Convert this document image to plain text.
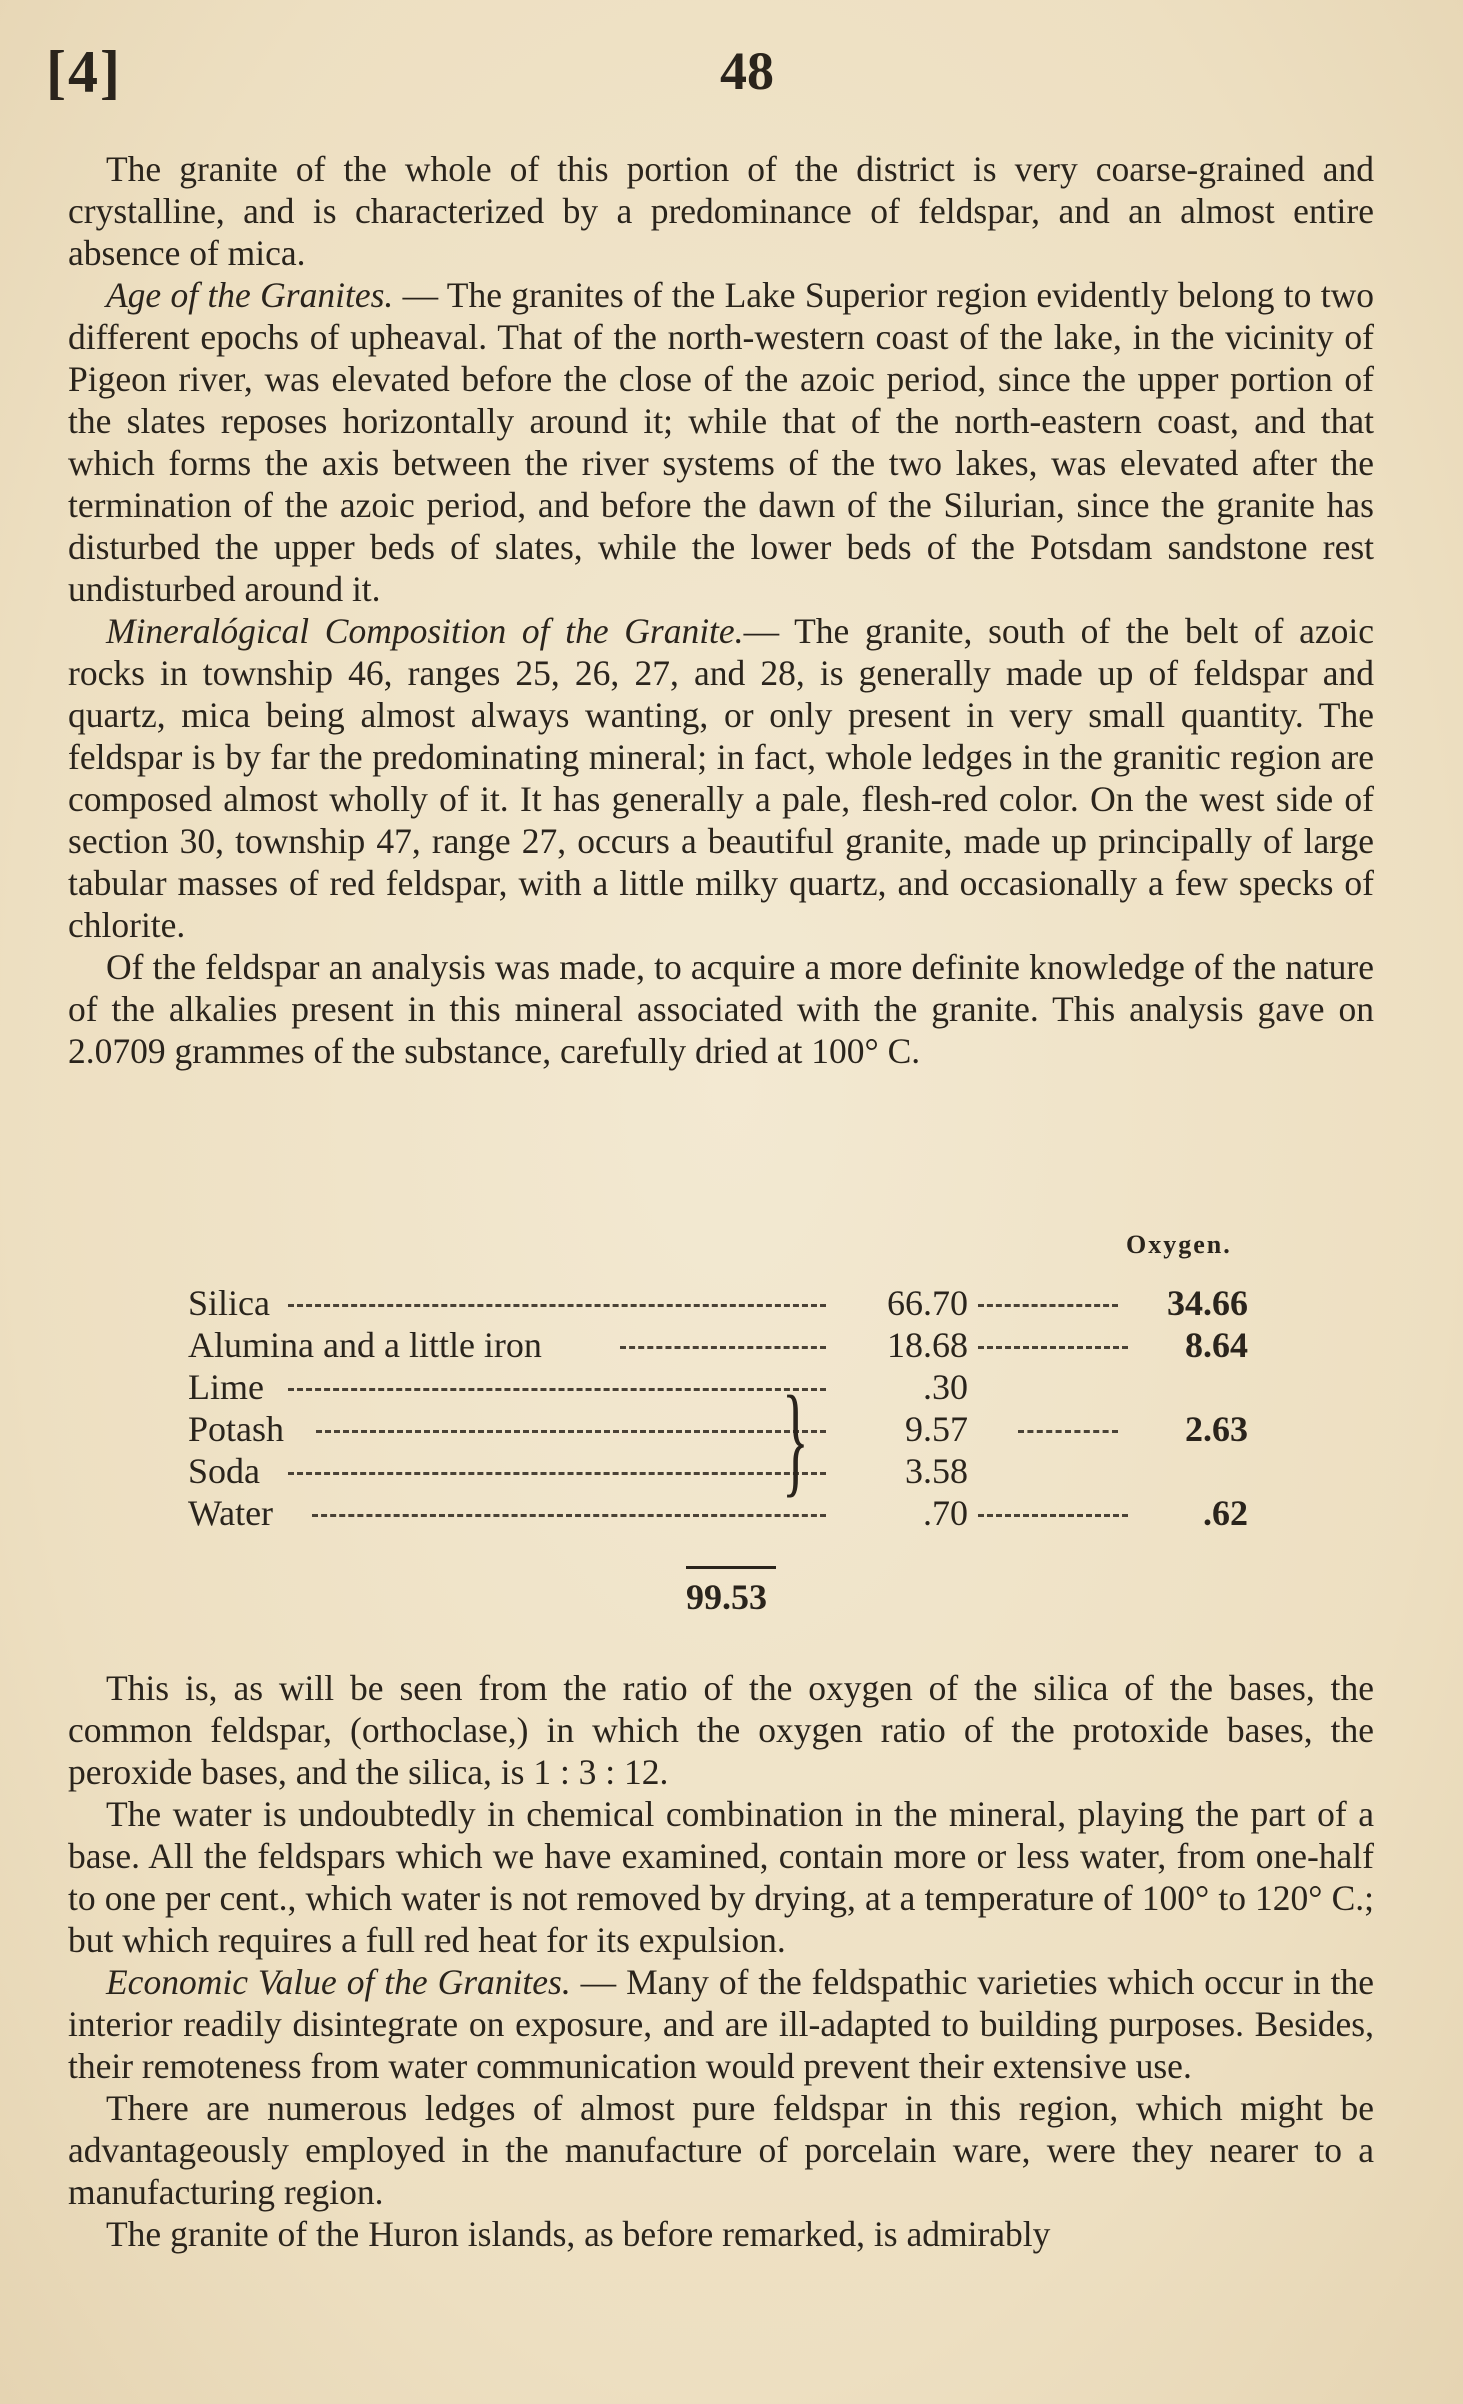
[4]	48

The granite of the whole of this portion of the district is very coarse-grained and crystalline, and is characterized by a predominance of feldspar, and an almost entire absence of mica.

Age of the Granites. — The granites of the Lake Superior region evidently belong to two different epochs of upheaval. That of the north-western coast of the lake, in the vicinity of Pigeon river, was elevated before the close of the azoic period, since the upper portion of the slates reposes horizontally around it; while that of the north-eastern coast, and that which forms the axis between the river systems of the two lakes, was elevated after the termination of the azoic period, and before the dawn of the Silurian, since the granite has disturbed the upper beds of slates, while the lower beds of the Potsdam sandstone rest undisturbed around it.

Mineralógical Composition of the Granite.— The granite, south of the belt of azoic rocks in township 46, ranges 25, 26, 27, and 28, is generally made up of feldspar and quartz, mica being almost always wanting, or only present in very small quantity. The feldspar is by far the predominating mineral; in fact, whole ledges in the granitic region are composed almost wholly of it. It has generally a pale, flesh-red color. On the west side of section 30, township 47, range 27, occurs a beautiful granite, made up principally of large tabular masses of red feldspar, with a little milky quartz, and occasionally a few specks of chlorite.

Of the feldspar an analysis was made, to acquire a more definite knowledge of the nature of the alkalies present in this mineral associated with the granite. This analysis gave on 2.0709 grammes of the substance, carefully dried at 100° C.

Oxygen.
Silica	66.70	34.66
Alumina and a little iron	18.68	8.64
Lime	.30
Potash	9.57	2.63
Soda	3.58
Water	.70	.62
}
99.53

This is, as will be seen from the ratio of the oxygen of the silica of the bases, the common feldspar, (orthoclase,) in which the oxygen ratio of the protoxide bases, the peroxide bases, and the silica, is 1 : 3 : 12.

The water is undoubtedly in chemical combination in the mineral, playing the part of a base. All the feldspars which we have examined, contain more or less water, from one-half to one per cent., which water is not removed by drying, at a temperature of 100° to 120° C.; but which requires a full red heat for its expulsion.

Economic Value of the Granites. — Many of the feldspathic varieties which occur in the interior readily disintegrate on exposure, and are ill-adapted to building purposes. Besides, their remoteness from water communication would prevent their extensive use.

There are numerous ledges of almost pure feldspar in this region, which might be advantageously employed in the manufacture of porcelain ware, were they nearer to a manufacturing region.

The granite of the Huron islands, as before remarked, is admirably
